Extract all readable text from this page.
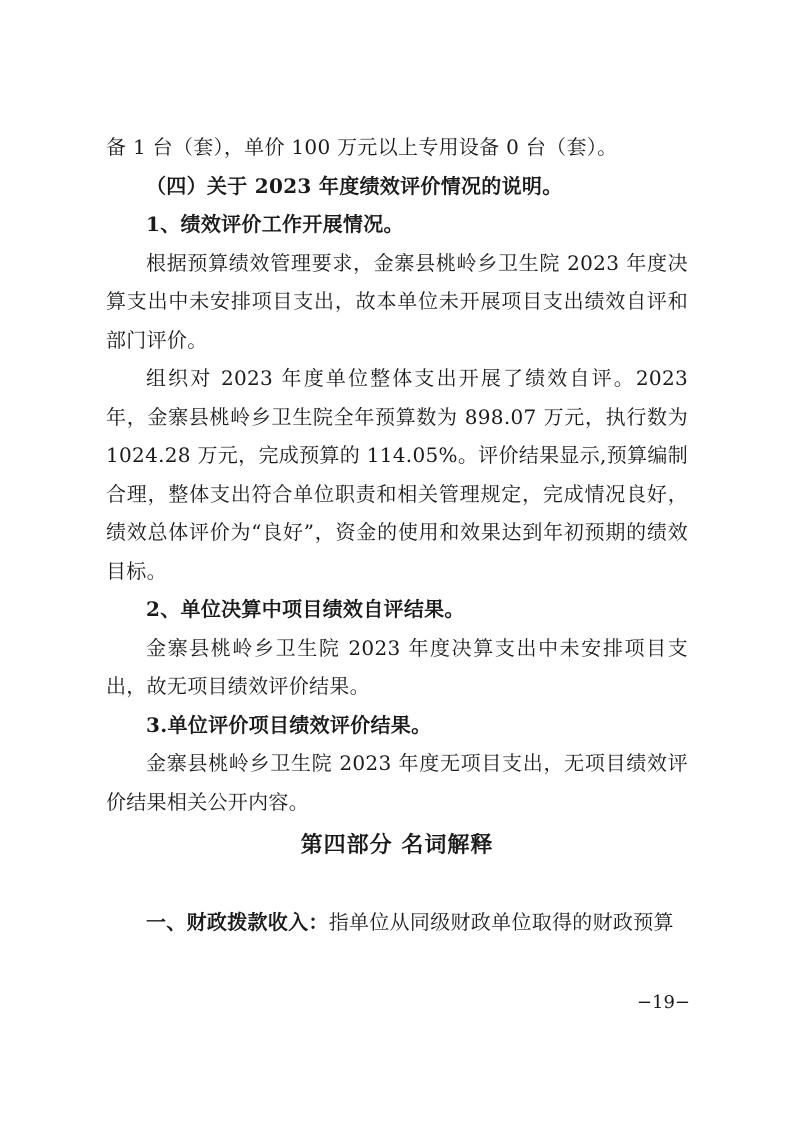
备 1 台（套），单价 100 万元以上专用设备 0 台（套）。

（四）关于 2023 年度绩效评价情况的说明。

1、绩效评价工作开展情况。

根据预算绩效管理要求，金寨县桃岭乡卫生院 2023 年度决算支出中未安排项目支出，故本单位未开展项目支出绩效自评和部门评价。

组织对 2023 年度单位整体支出开展了绩效自评。2023 年，金寨县桃岭乡卫生院全年预算数为 898.07 万元，执行数为 1024.28 万元，完成预算的 114.05%。评价结果显示,预算编制合理，整体支出符合单位职责和相关管理规定，完成情况良好，绩效总体评价为“良好”，资金的使用和效果达到年初预期的绩效目标。

2、单位决算中项目绩效自评结果。

金寨县桃岭乡卫生院 2023 年度决算支出中未安排项目支出，故无项目绩效评价结果。

3.单位评价项目绩效评价结果。

金寨县桃岭乡卫生院 2023 年度无项目支出，无项目绩效评价结果相关公开内容。

第四部分 名词解释

一、财政拨款收入：指单位从同级财政单位取得的财政预算

−19−
